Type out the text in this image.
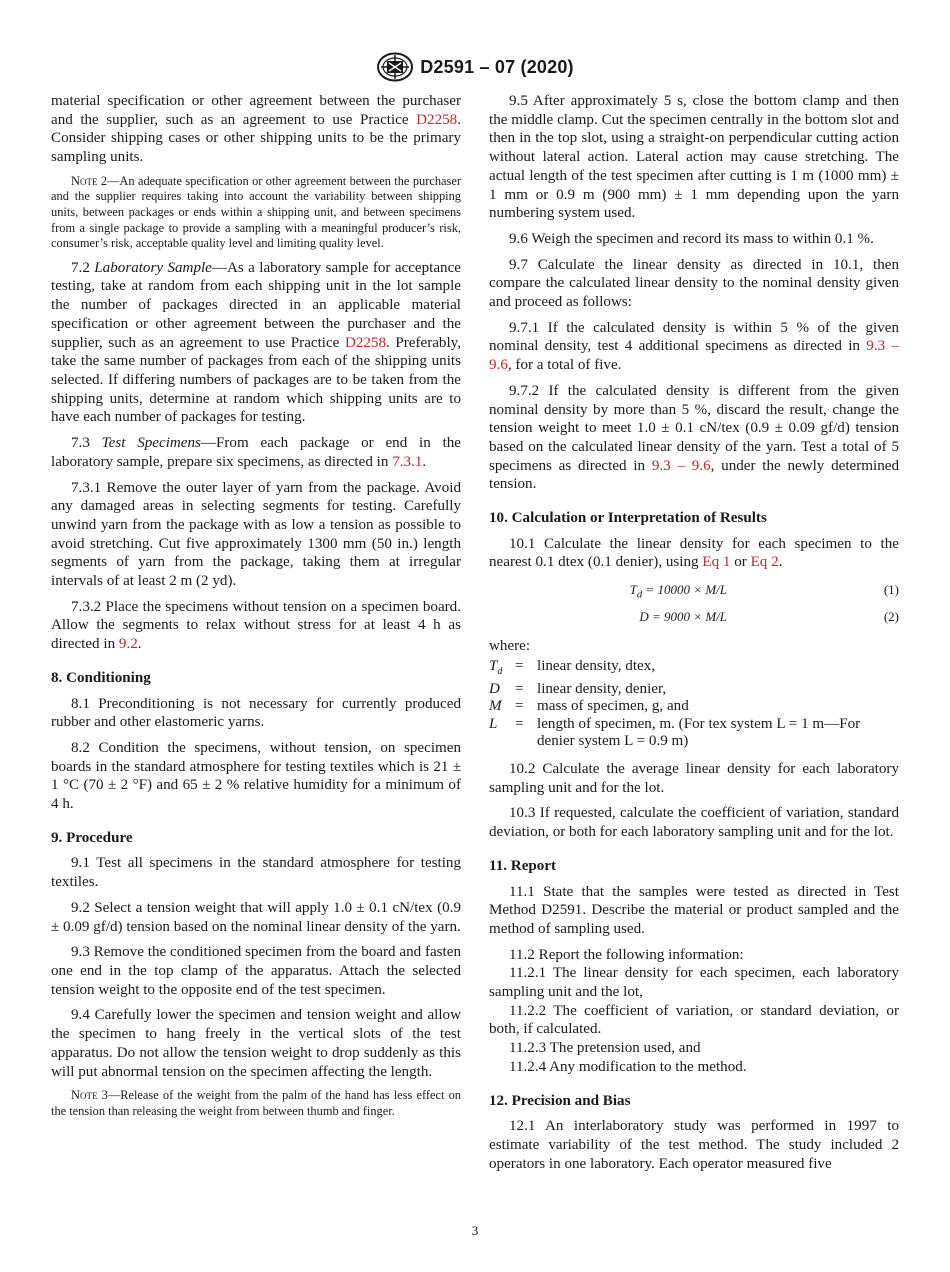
D2591 – 07 (2020)

material specification or other agreement between the purchaser and the supplier, such as an agreement to use Practice D2258. Consider shipping cases or other shipping units to be the primary sampling units.

Note 2—An adequate specification or other agreement between the purchaser and the supplier requires taking into account the variability between shipping units, between packages or ends within a shipping unit, and between specimens from a single package to provide a sampling with a meaningful producer’s risk, consumer’s risk, acceptable quality level and limiting quality level.

7.2 Laboratory Sample—As a laboratory sample for acceptance testing, take at random from each shipping unit in the lot sample the number of packages directed in an applicable material specification or other agreement between the purchaser and the supplier, such as an agreement to use Practice D2258. Preferably, take the same number of packages from each of the shipping units selected. If differing numbers of packages are to be taken from the shipping units, determine at random which shipping units are to have each number of packages for testing.

7.3 Test Specimens—From each package or end in the laboratory sample, prepare six specimens, as directed in 7.3.1.

7.3.1 Remove the outer layer of yarn from the package. Avoid any damaged areas in selecting segments for testing. Carefully unwind yarn from the package with as low a tension as possible to avoid stretching. Cut five approximately 1300 mm (50 in.) length segments of yarn from the package, taking them at irregular intervals of at least 2 m (2 yd).

7.3.2 Place the specimens without tension on a specimen board. Allow the segments to relax without stress for at least 4 h as directed in 9.2.

8. Conditioning

8.1 Preconditioning is not necessary for currently produced rubber and other elastomeric yarns.

8.2 Condition the specimens, without tension, on specimen boards in the standard atmosphere for testing textiles which is 21 ± 1 °C (70 ± 2 °F) and 65 ± 2 % relative humidity for a minimum of 4 h.

9. Procedure

9.1 Test all specimens in the standard atmosphere for testing textiles.

9.2 Select a tension weight that will apply 1.0 ± 0.1 cN/tex (0.9 ± 0.09 gf/d) tension based on the nominal linear density of the yarn.

9.3 Remove the conditioned specimen from the board and fasten one end in the top clamp of the apparatus. Attach the selected tension weight to the opposite end of the test specimen.

9.4 Carefully lower the specimen and tension weight and allow the specimen to hang freely in the vertical slots of the test apparatus. Do not allow the tension weight to drop suddenly as this will put abnormal tension on the specimen affecting the length.

Note 3—Release of the weight from the palm of the hand has less effect on the tension than releasing the weight from between thumb and finger.

9.5 After approximately 5 s, close the bottom clamp and then the middle clamp. Cut the specimen centrally in the bottom slot and then in the top slot, using a straight-on perpendicular cutting action without lateral action. Lateral action may cause stretching. The actual length of the test specimen after cutting is 1 m (1000 mm) ± 1 mm or 0.9 m (900 mm) ± 1 mm depending upon the yarn numbering system used.

9.6 Weigh the specimen and record its mass to within 0.1 %.

9.7 Calculate the linear density as directed in 10.1, then compare the calculated linear density to the nominal density given and proceed as follows:

9.7.1 If the calculated density is within 5 % of the given nominal density, test 4 additional specimens as directed in 9.3 – 9.6, for a total of five.

9.7.2 If the calculated density is different from the given nominal density by more than 5 %, discard the result, change the tension weight to meet 1.0 ± 0.1 cN/tex (0.9 ± 0.09 gf/d) tension based on the calculated linear density of the yarn. Test a total of 5 specimens as directed in 9.3 – 9.6, under the newly determined tension.

10. Calculation or Interpretation of Results

10.1 Calculate the linear density for each specimen to the nearest 0.1 dtex (0.1 denier), using Eq 1 or Eq 2.

$T_d = 10000 \times M/L$	(1)
D = 9000 × M/L	(2)

where:

$T_d$ = linear density, dtex,
D = linear density, denier,
M = mass of specimen, g, and
L	= length of specimen, m. (For tex system L = 1 m—For denier system L = 0.9 m)

10.2 Calculate the average linear density for each laboratory sampling unit and for the lot.

10.3 If requested, calculate the coefficient of variation, standard deviation, or both for each laboratory sampling unit and for the lot.

11. Report

11.1 State that the samples were tested as directed in Test Method D2591. Describe the material or product sampled and the method of sampling used.

11.2 Report the following information:

11.2.1 The linear density for each specimen, each laboratory sampling unit and the lot,

11.2.2 The coefficient of variation, or standard deviation, or both, if calculated.

11.2.3 The pretension used, and

11.2.4 Any modification to the method.

12. Precision and Bias

12.1 An interlaboratory study was performed in 1997 to estimate variability of the test method. The study included 2 operators in one laboratory. Each operator measured five

3
